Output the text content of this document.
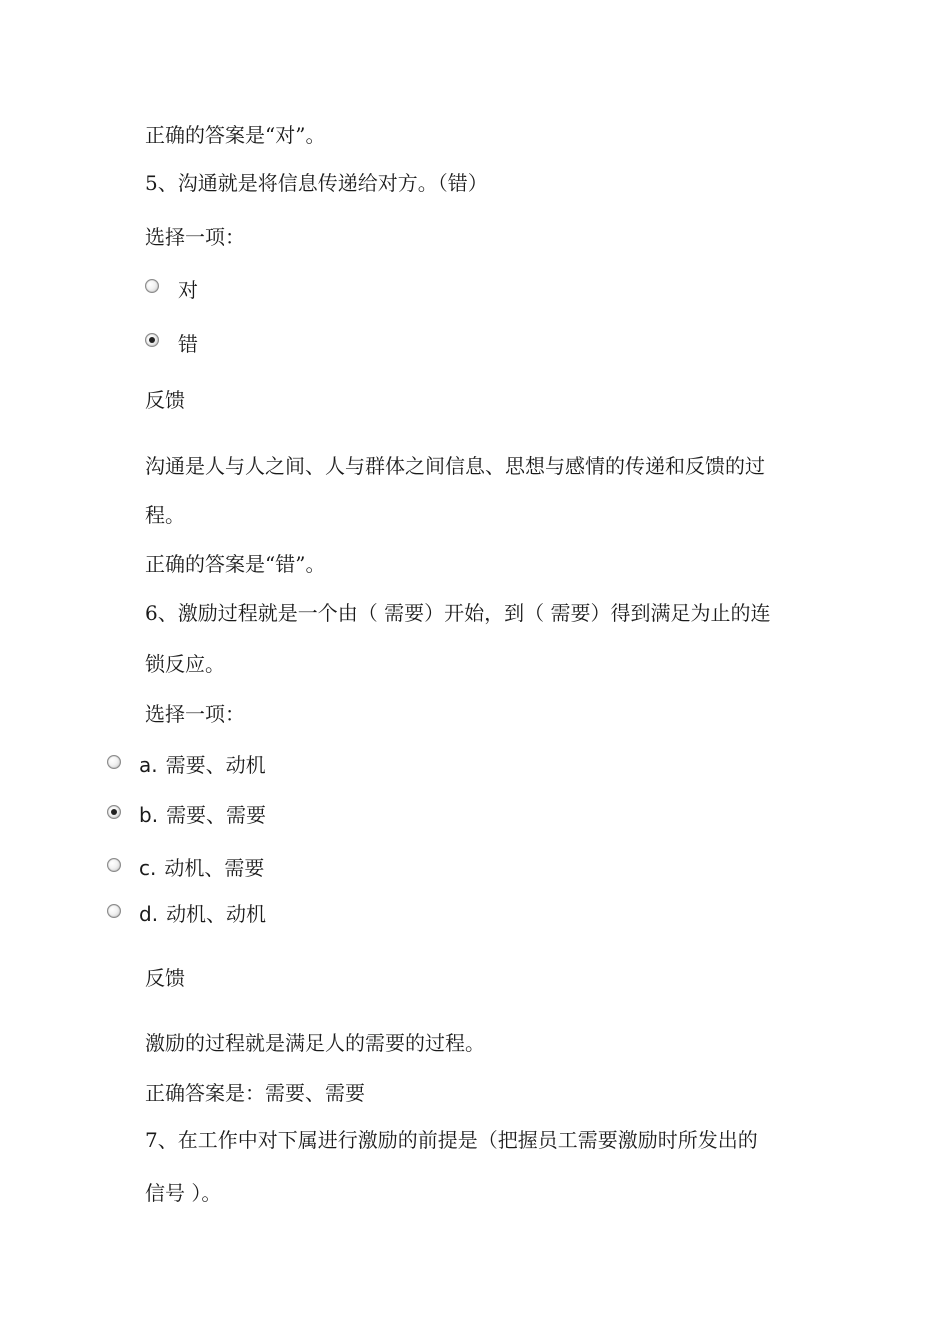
正确的答案是“对”。
5、沟通就是将信息传递给对方。（错）
选择一项：
对
错
反馈
沟通是人与人之间、人与群体之间信息、思想与感情的传递和反馈的过
程。
正确的答案是“错”。
6、激励过程就是一个由（ 需要）开始，到（ 需要）得到满足为止的连
锁反应。
选择一项：
a. 需要、动机
b. 需要、需要
c. 动机、需要
d. 动机、动机
反馈
激励的过程就是满足人的需要的过程。
正确答案是：需要、需要
7、在工作中对下属进行激励的前提是（把握员工需要激励时所发出的
信号 ）。
